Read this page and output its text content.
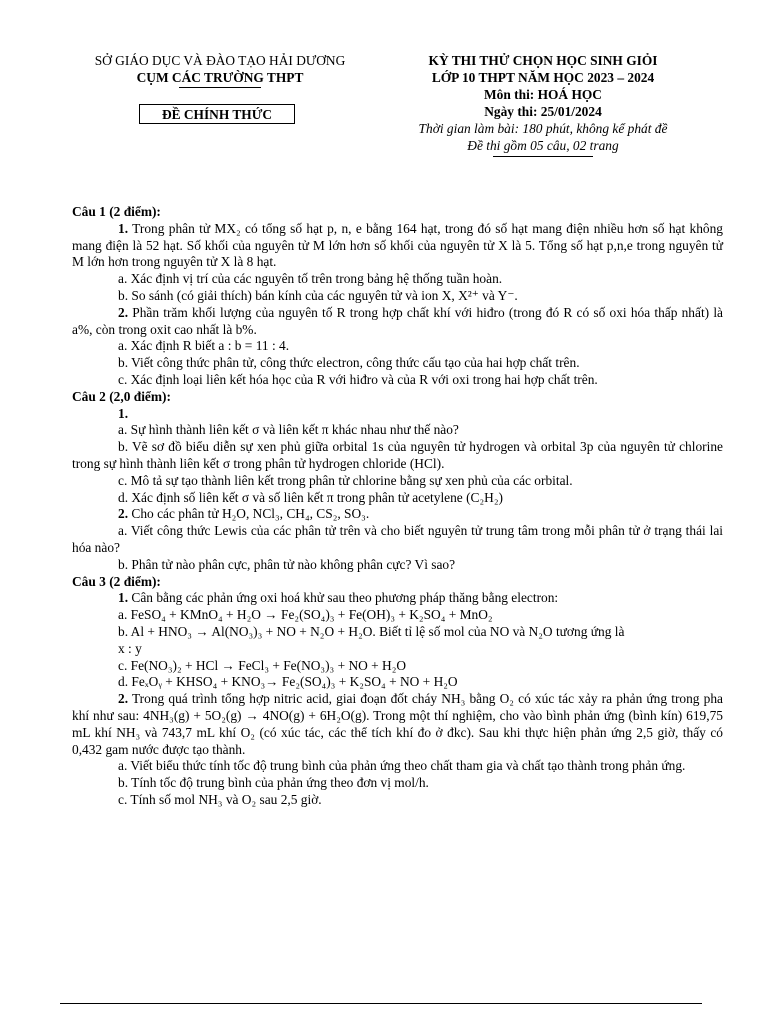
SỞ GIÁO DỤC VÀ ĐÀO TẠO HẢI DƯƠNG
CỤM CÁC TRƯỜNG THPT
ĐỀ CHÍNH THỨC
KỲ THI THỬ CHỌN HỌC SINH GIỎI
LỚP 10 THPT NĂM HỌC 2023 – 2024
Môn thi: HOÁ HỌC
Ngày thi: 25/01/2024
Thời gian làm bài: 180 phút, không kể phát đề
Đề thi gồm 05 câu, 02 trang

Câu 1 (2 điểm):

1. Trong phân tử MX₂ có tổng số hạt p, n, e bằng 164 hạt, trong đó số hạt mang điện nhiều hơn số hạt không mang điện là 52 hạt. Số khối của nguyên tử M lớn hơn số khối của nguyên tử X là 5. Tổng số hạt p,n,e trong nguyên tử M lớn hơn trong nguyên tử X là 8 hạt.

a. Xác định vị trí của các nguyên tố trên trong bảng hệ thống tuần hoàn.

b. So sánh (có giải thích) bán kính của các nguyên tử và ion X, X²⁺ và Y⁻.

2. Phần trăm khối lượng của nguyên tố R trong hợp chất khí với hiđro (trong đó R có số oxi hóa thấp nhất) là a%, còn trong oxit cao nhất là b%.

a. Xác định R biết a : b = 11 : 4.

b. Viết công thức phân tử, công thức electron, công thức cấu tạo của hai hợp chất trên.

c. Xác định loại liên kết hóa học của R với hiđro và của R với oxi trong hai hợp chất trên.

Câu 2 (2,0 điểm):

1.

a. Sự hình thành liên kết σ và liên kết π khác nhau như thế nào?

b. Vẽ sơ đồ biểu diễn sự xen phủ giữa orbital 1s của nguyên tử hydrogen và orbital 3p của nguyên tử chlorine trong sự hình thành liên kết σ trong phân tử hydrogen chloride (HCl).

c. Mô tả sự tạo thành liên kết trong phân tử chlorine bằng sự xen phủ của các orbital.

d. Xác định số liên kết σ và số liên kết π trong phân tử acetylene (C₂H₂)

2. Cho các phân tử H₂O, NCl₃, CH₄, CS₂, SO₃.

a. Viết công thức Lewis của các phân tử trên và cho biết nguyên tử trung tâm trong mỗi phân tử ở trạng thái lai hóa nào?

b. Phân tử nào phân cực, phân tử nào không phân cực? Vì sao?

Câu 3 (2 điểm):

1. Cân bằng các phản ứng oxi hoá khử sau theo phương pháp thăng bằng electron:

a. FeSO₄ + KMnO₄ + H₂O → Fe₂(SO₄)₃ + Fe(OH)₃ + K₂SO₄ + MnO₂

b. Al + HNO₃ → Al(NO₃)₃ + NO + N₂O + H₂O. Biết tỉ lệ số mol của NO và N₂O tương ứng là

x : y

c. Fe(NO₃)₂ + HCl → FeCl₃ + Fe(NO₃)₃ + NO + H₂O

d. FeₓOᵧ + KHSO₄ + KNO₃→ Fe₂(SO₄)₃ + K₂SO₄ + NO + H₂O

2. Trong quá trình tổng hợp nitric acid, giai đoạn đốt cháy NH₃ bằng O₂ có xúc tác xảy ra phản ứng trong pha khí như sau: 4NH₃(g) + 5O₂(g) → 4NO(g) + 6H₂O(g). Trong một thí nghiệm, cho vào bình phản ứng (bình kín) 619,75 mL khí NH₃ và 743,7 mL khí O₂ (có xúc tác, các thể tích khí đo ở đkc). Sau khi thực hiện phản ứng 2,5 giờ, thấy có 0,432 gam nước được tạo thành.

a. Viết biểu thức tính tốc độ trung bình của phản ứng theo chất tham gia và chất tạo thành trong phản ứng.

b. Tính tốc độ trung bình của phản ứng theo đơn vị mol/h.

c. Tính số mol NH₃ và O₂ sau 2,5 giờ.
